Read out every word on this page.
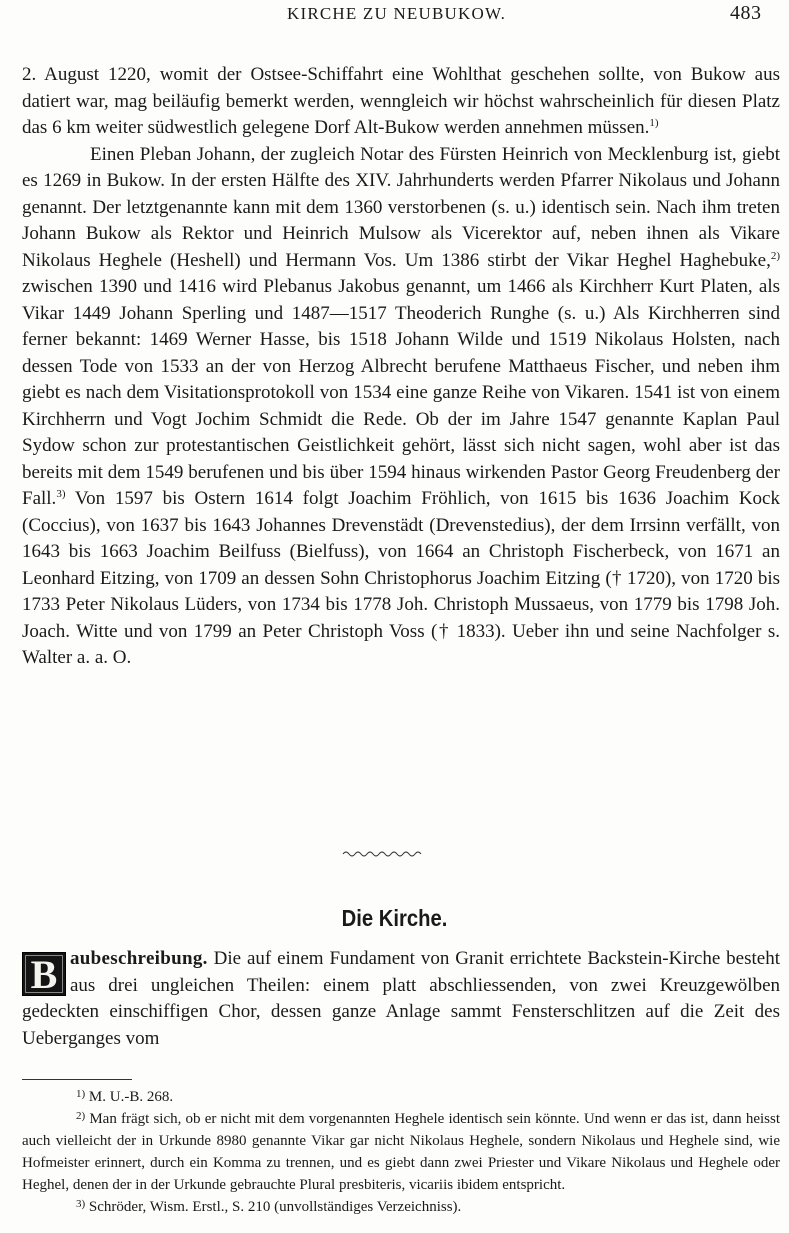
KIRCHE ZU NEUBUKOW.	483

2. August 1220, womit der Ostsee-Schiffahrt eine Wohlthat geschehen sollte, von Bukow aus datiert war, mag beiläufig bemerkt werden, wenngleich wir höchst wahrscheinlich für diesen Platz das 6 km weiter südwestlich gelegene Dorf Alt-Bukow werden annehmen müssen.$^{1)}$

Einen Pleban Johann, der zugleich Notar des Fürsten Heinrich von Mecklenburg ist, giebt es 1269 in Bukow. In der ersten Hälfte des XIV. Jahrhunderts werden Pfarrer Nikolaus und Johann genannt. Der letztgenannte kann mit dem 1360 verstorbenen (s. u.) identisch sein. Nach ihm treten Johann Bukow als Rektor und Heinrich Mulsow als Vicerektor auf, neben ihnen als Vikare Nikolaus Heghele (Heshell) und Hermann Vos. Um 1386 stirbt der Vikar Heghel Haghebuke,$^{2)}$ zwischen 1390 und 1416 wird Plebanus Jakobus genannt, um 1466 als Kirchherr Kurt Platen, als Vikar 1449 Johann Sperling und 1487—1517 Theoderich Runghe (s. u.) Als Kirchherren sind ferner bekannt: 1469 Werner Hasse, bis 1518 Johann Wilde und 1519 Nikolaus Holsten, nach dessen Tode von 1533 an der von Herzog Albrecht berufene Matthaeus Fischer, und neben ihm giebt es nach dem Visitationsprotokoll von 1534 eine ganze Reihe von Vikaren. 1541 ist von einem Kirchherrn und Vogt Jochim Schmidt die Rede. Ob der im Jahre 1547 genannte Kaplan Paul Sydow schon zur protestantischen Geistlichkeit gehört, lässt sich nicht sagen, wohl aber ist das bereits mit dem 1549 berufenen und bis über 1594 hinaus wirkenden Pastor Georg Freudenberg der Fall.$^{3)}$ Von 1597 bis Ostern 1614 folgt Joachim Fröhlich, von 1615 bis 1636 Joachim Kock (Coccius), von 1637 bis 1643 Johannes Drevenstädt (Drevenstedius), der dem Irrsinn verfällt, von 1643 bis 1663 Joachim Beilfuss (Bielfuss), von 1664 an Christoph Fischerbeck, von 1671 an Leonhard Eitzing, von 1709 an dessen Sohn Christophorus Joachim Eitzing († 1720), von 1720 bis 1733 Peter Nikolaus Lüders, von 1734 bis 1778 Joh. Christoph Mussaeus, von 1779 bis 1798 Joh. Joach. Witte und von 1799 an Peter Christoph Voss († 1833). Ueber ihn und seine Nachfolger s. Walter a. a. O.

Die Kirche.
B aubeschreibung. Die auf einem Fundament von Granit errichtete Backstein-Kirche besteht aus drei ungleichen Theilen: einem platt abschliessenden, von zwei Kreuzgewölben gedeckten einschiffigen Chor, dessen ganze Anlage sammt Fensterschlitzen auf die Zeit des Ueberganges vom

$^{1)}$ M. U.-B. 268.

$^{2)}$ Man frägt sich, ob er nicht mit dem vorgenannten Heghele identisch sein könnte. Und wenn er das ist, dann heisst auch vielleicht der in Urkunde 8980 genannte Vikar gar nicht Nikolaus Heghele, sondern Nikolaus und Heghele sind, wie Hofmeister erinnert, durch ein Komma zu trennen, und es giebt dann zwei Priester und Vikare Nikolaus und Heghele oder Heghel, denen der in der Urkunde gebrauchte Plural presbiteris, vicariis ibidem entspricht.

$^{3)}$ Schröder, Wism. Erstl., S. 210 (unvollständiges Verzeichniss).
